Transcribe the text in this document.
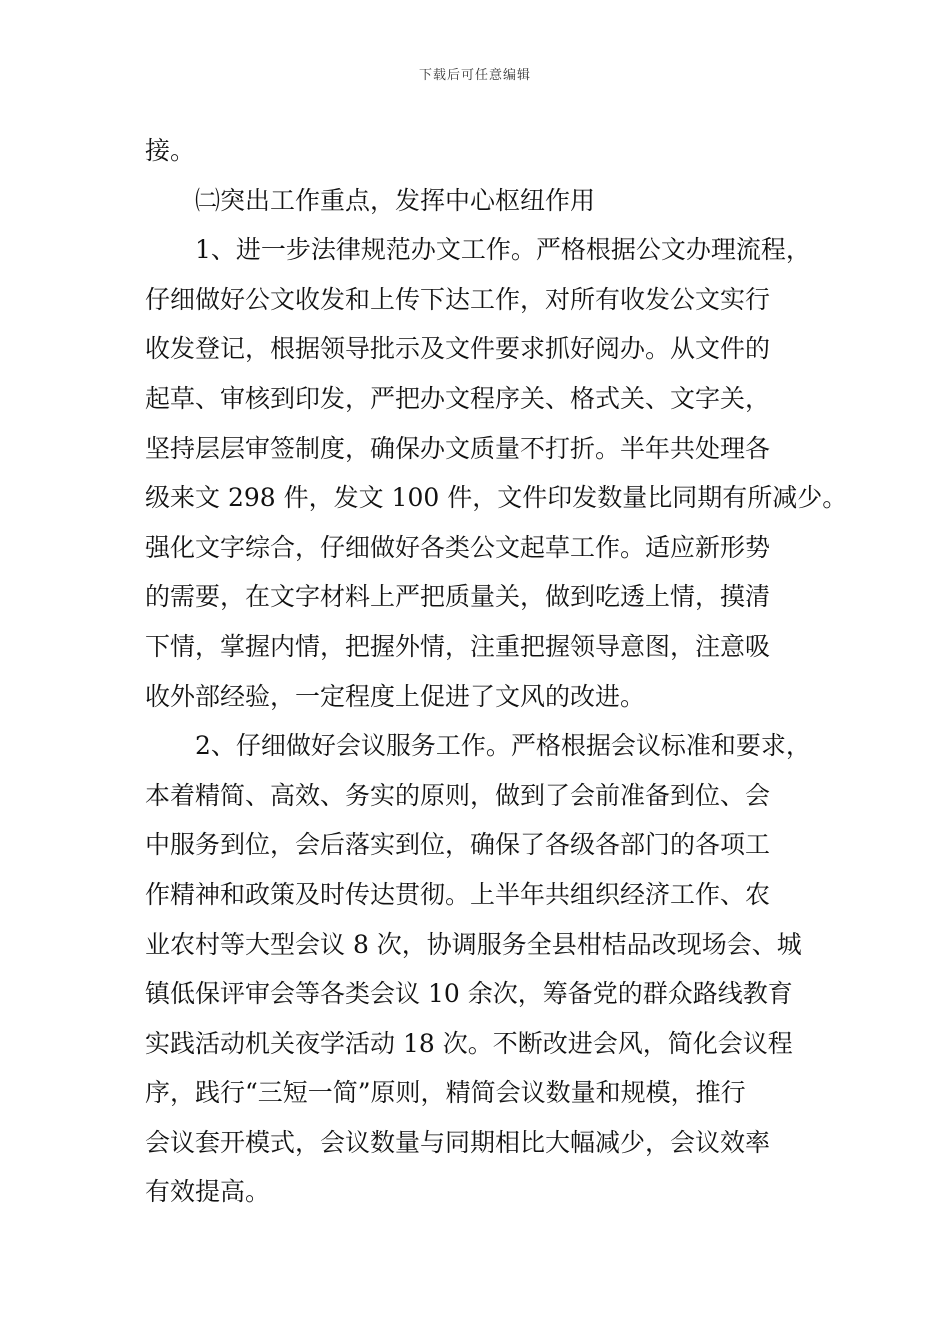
下载后可任意编辑
接。
㈡突出工作重点，发挥中心枢纽作用
1、进一步法律规范办文工作。严格根据公文办理流程，
仔细做好公文收发和上传下达工作，对所有收发公文实行
收发登记，根据领导批示及文件要求抓好阅办。从文件的
起草、审核到印发，严把办文程序关、格式关、文字关，
坚持层层审签制度，确保办文质量不打折。半年共处理各
级来文 298 件，发文 100 件，文件印发数量比同期有所减少。
强化文字综合，仔细做好各类公文起草工作。适应新形势
的需要，在文字材料上严把质量关，做到吃透上情，摸清
下情，掌握内情，把握外情，注重把握领导意图，注意吸
收外部经验，一定程度上促进了文风的改进。
2、仔细做好会议服务工作。严格根据会议标准和要求，
本着精简、高效、务实的原则，做到了会前准备到位、会
中服务到位，会后落实到位，确保了各级各部门的各项工
作精神和政策及时传达贯彻。上半年共组织经济工作、农
业农村等大型会议 8 次，协调服务全县柑桔品改现场会、城
镇低保评审会等各类会议 10 余次，筹备党的群众路线教育
实践活动机关夜学活动 18 次。不断改进会风，简化会议程
序，践行“三短一简”原则，精简会议数量和规模，推行
会议套开模式，会议数量与同期相比大幅减少，会议效率
有效提高。
